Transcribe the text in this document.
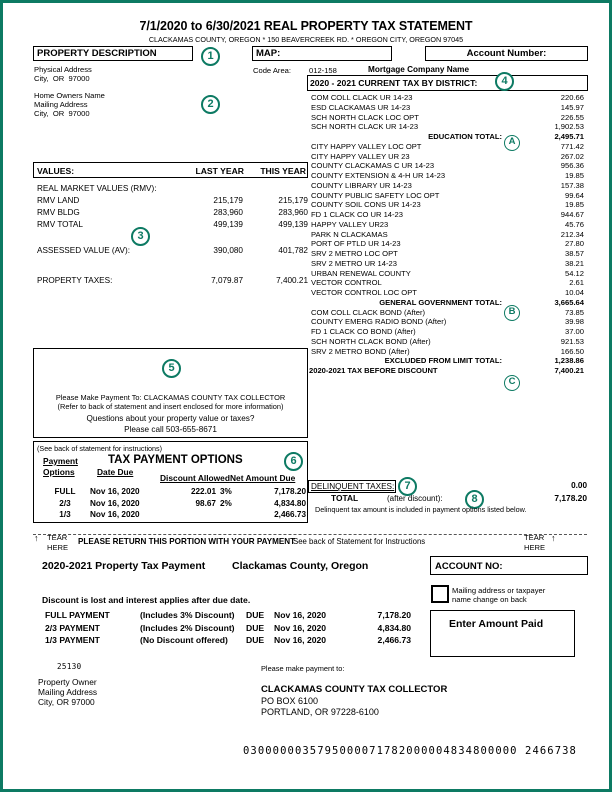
7/1/2020 to 6/30/2021 REAL PROPERTY TAX STATEMENT
CLACKAMAS COUNTY, OREGON * 150 BEAVERCREEK RD. * OREGON CITY, OREGON 97045
PROPERTY DESCRIPTION
Physical Address
City,  OR  97000
Home Owners Name
Mailing Address
City,  OR  97000
1
2
MAP:	Account Number:
Code Area: 012-158	Mortgage Company Name
2020 - 2021 CURRENT TAX BY DISTRICT:	4
COM COLL CLACK UR 14-23	220.66
ESD CLACKAMAS UR 14-23	145.97
SCH NORTH CLACK LOC OPT	226.55
SCH NORTH CLACK UR 14-23	1,902.53
EDUCATION TOTAL:	2,495.71
CITY HAPPY VALLEY LOC OPT	771.42
CITY HAPPY VALLEY UR 23	267.02
COUNTY CLACKAMAS C UR 14-23	956.36
COUNTY EXTENSION & 4-H UR 14-23	19.85
COUNTY LIBRARY UR 14-23	157.38
COUNTY PUBLIC SAFETY LOC OPT	99.64
COUNTY SOIL CONS UR 14-23	19.85
FD 1 CLACK CO UR 14-23	944.67
HAPPY VALLEY UR23	45.76
PARK N CLACKAMAS	212.34
PORT OF PTLD UR 14-23	27.80
SRV 2 METRO LOC OPT	38.57
SRV 2 METRO UR 14-23	38.21
URBAN RENEWAL COUNTY	54.12
VECTOR CONTROL	2.61
VECTOR CONTROL LOC OPT	10.04
GENERAL GOVERNMENT TOTAL:	3,665.64
COM COLL CLACK BOND (After)	73.85
COUNTY EMERG RADIO BOND (After)	39.98
FD 1 CLACK CO BOND (After)	37.00
SCH NORTH CLACK BOND (After)	921.53
SRV 2 METRO BOND (After)	166.50
EXCLUDED FROM LIMIT TOTAL:	1,238.86
2020-2021 TAX BEFORE DISCOUNT	7,400.21
A
B
C
VALUES:	LAST YEAR	THIS YEAR
REAL MARKET VALUES (RMV):
RMV LAND	215,179	215,179
RMV BLDG	283,960	283,960
RMV TOTAL	499,139	499,139
ASSESSED VALUE (AV):	390,080	401,782
PROPERTY TAXES:	7,079.87	7,400.21
3
5
Please Make Payment To: CLACKAMAS COUNTY TAX COLLECTOR
(Refer to back of statement and insert enclosed for more information)
Questions about your property value or taxes?
Please call 503-655-8671
(See back of statement for instructions)
TAX PAYMENT OPTIONS	6
Payment
Options	Date Due
Discount Allowed Net Amount Due
FULL	Nov 16, 2020	222.01 3%	7,178.20
2/3	Nov 16, 2020	98.67 2%	4,834.80
1/3	Nov 16, 2020	2,466.73
DELINQUENT TAXES: 7	0.00
TOTAL	(after discount):	8	7,178.20
Delinquent tax amount is included in payment options listed below.
↑ TEAR
HERE
PLEASE RETURN THIS PORTION WITH YOUR PAYMENT
See back of Statement for Instructions	TEAR
HERE
↑
2020-2021 Property Tax Payment	Clackamas County, Oregon	ACCOUNT NO:
Mailing address or taxpayer
name change on back
Enter Amount Paid
Discount is lost and interest applies after due date.
FULL PAYMENT	(Includes 3% Discount) DUE Nov 16, 2020	7,178.20
2/3 PAYMENT	(Includes 2% Discount) DUE Nov 16, 2020	4,834.80
1/3 PAYMENT	(No Discount offered) DUE Nov 16, 2020	2,466.73
25130
Property Owner
Mailing Address
City, OR 97000
Please make payment to:
CLACKAMAS COUNTY TAX COLLECTOR
PO BOX 6100
PORTLAND, OR 97228-6100
0300000035795000071782000004834800000 2466738
